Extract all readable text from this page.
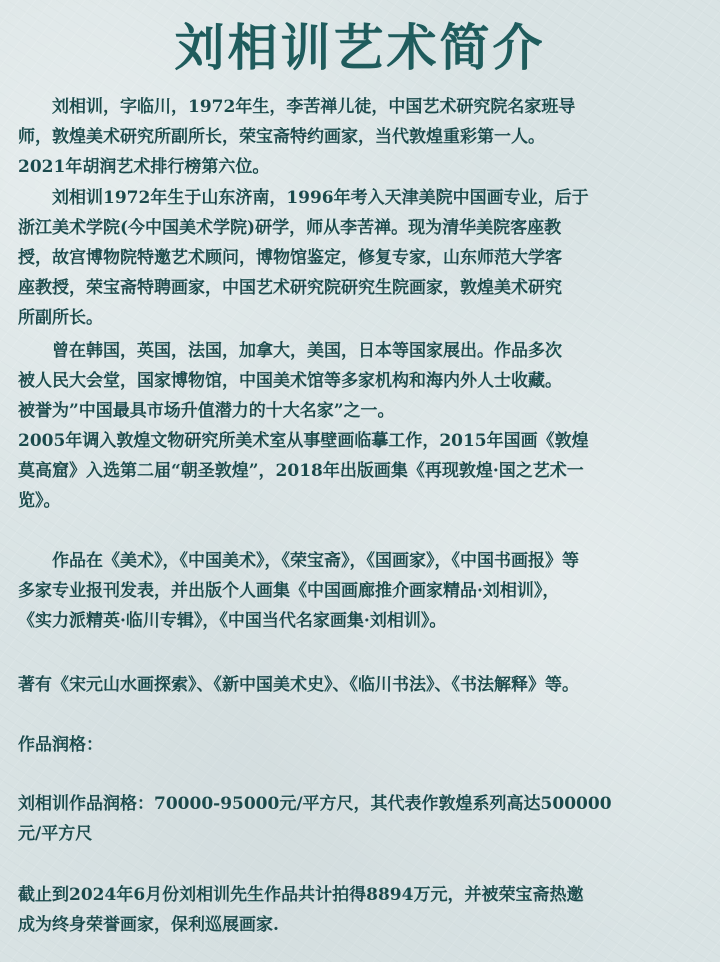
刘相训艺术简介
　　刘相训，字临川，1972年生，李苦禅儿徒，中国艺术研究院名家班导
师，敦煌美术研究所副所长，荣宝斋特约画家，当代敦煌重彩第一人。
2021年胡润艺术排行榜第六位。
　　刘相训1972年生于山东济南，1996年考入天津美院中国画专业，后于
浙江美术学院(今中国美术学院)研学，师从李苦禅。现为清华美院客座教
授，故宫博物院特邀艺术顾问，博物馆鉴定，修复专家，山东师范大学客
座教授，荣宝斋特聘画家，中国艺术研究院研究生院画家，敦煌美术研究
所副所长。
　　曾在韩国，英国，法国，加拿大，美国，日本等国家展出。作品多次
被人民大会堂，国家博物馆，中国美术馆等多家机构和海内外人士收藏。
被誉为”中国最具市场升值潜力的十大名家”之一。
2005年调入敦煌文物研究所美术室从事壁画临摹工作，2015年国画《敦煌
莫高窟》入选第二届“朝圣敦煌”，2018年出版画集《再现敦煌·国之艺术一
览》。
　　作品在《美术》，《中国美术》，《荣宝斋》，《国画家》，《中国书画报》等
多家专业报刊发表，并出版个人画集《中国画廊推介画家精品·刘相训》，
《实力派精英·临川专辑》，《中国当代名家画集·刘相训》。
著有《宋元山水画探索》、《新中国美术史》、《临川书法》、《书法解释》等。
作品润格：
刘相训作品润格：70000-95000元/平方尺，其代表作敦煌系列高达500000
元/平方尺
截止到2024年6月份刘相训先生作品共计拍得8894万元，并被荣宝斋热邀
成为终身荣誉画家，保利巡展画家.
